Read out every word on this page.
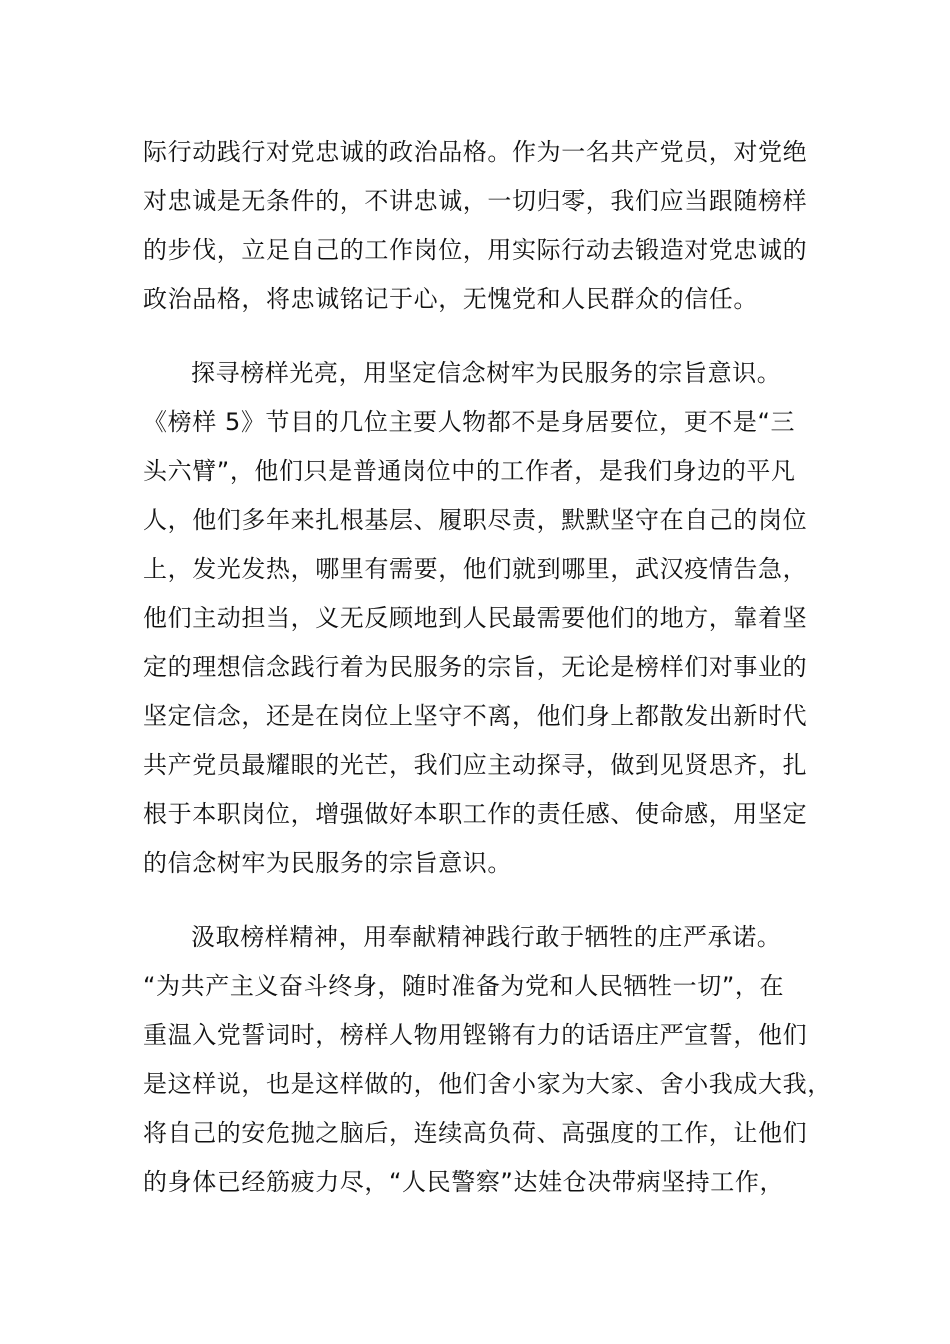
际行动践行对党忠诚的政治品格。作为一名共产党员，对党绝
对忠诚是无条件的，不讲忠诚，一切归零，我们应当跟随榜样
的步伐，立足自己的工作岗位，用实际行动去锻造对党忠诚的
政治品格，将忠诚铭记于心，无愧党和人民群众的信任。
探寻榜样光亮，用坚定信念树牢为民服务的宗旨意识。
《榜样 5》节目的几位主要人物都不是身居要位，更不是“三
头六臂”，他们只是普通岗位中的工作者，是我们身边的平凡
人，他们多年来扎根基层、履职尽责，默默坚守在自己的岗位
上，发光发热，哪里有需要，他们就到哪里，武汉疫情告急，
他们主动担当，义无反顾地到人民最需要他们的地方，靠着坚
定的理想信念践行着为民服务的宗旨，无论是榜样们对事业的
坚定信念，还是在岗位上坚守不离，他们身上都散发出新时代
共产党员最耀眼的光芒，我们应主动探寻，做到见贤思齐，扎
根于本职岗位，增强做好本职工作的责任感、使命感，用坚定
的信念树牢为民服务的宗旨意识。
汲取榜样精神，用奉献精神践行敢于牺牲的庄严承诺。
“为共产主义奋斗终身，随时准备为党和人民牺牲一切”，在
重温入党誓词时，榜样人物用铿锵有力的话语庄严宣誓，他们
是这样说，也是这样做的，他们舍小家为大家、舍小我成大我，
将自己的安危抛之脑后，连续高负荷、高强度的工作，让他们
的身体已经筋疲力尽，“人民警察”达娃仓决带病坚持工作，
